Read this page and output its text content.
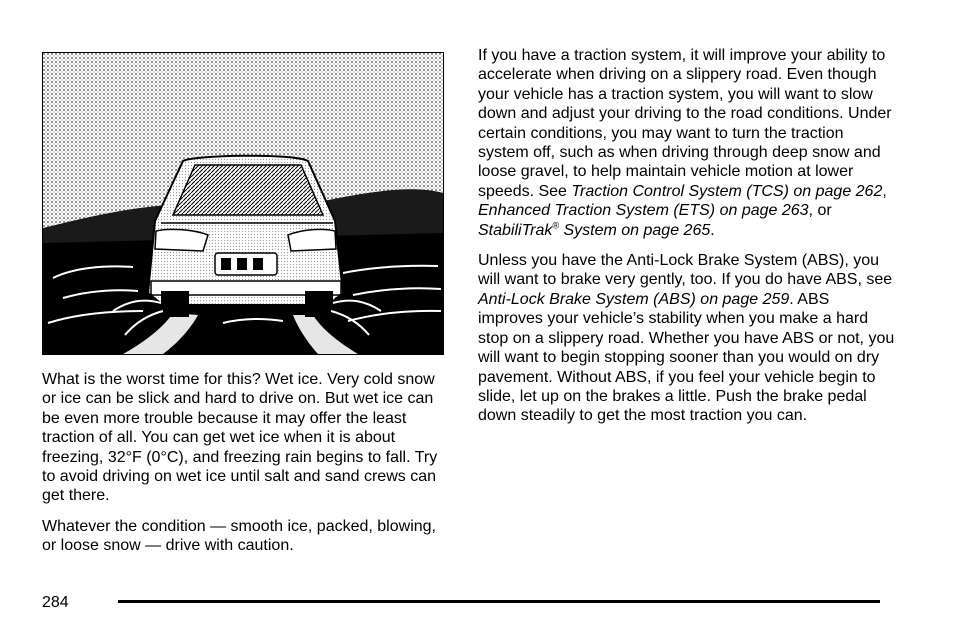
What is the worst time for this? Wet ice. Very cold snow or ice can be slick and hard to drive on. But wet ice can be even more trouble because it may offer the least traction of all. You can get wet ice when it is about freezing, 32°F (0°C), and freezing rain begins to fall. Try to avoid driving on wet ice until salt and sand crews can get there.

Whatever the condition — smooth ice, packed, blowing, or loose snow — drive with caution.

If you have a traction system, it will improve your ability to accelerate when driving on a slippery road. Even though your vehicle has a traction system, you will want to slow down and adjust your driving to the road conditions. Under certain conditions, you may want to turn the traction system off, such as when driving through deep snow and loose gravel, to help maintain vehicle motion at lower speeds. See Traction Control System (TCS) on page 262, Enhanced Traction System (ETS) on page 263, or StabiliTrak® System on page 265.

Unless you have the Anti-Lock Brake System (ABS), you will want to brake very gently, too. If you do have ABS, see Anti-Lock Brake System (ABS) on page 259. ABS improves your vehicle’s stability when you make a hard stop on a slippery road. Whether you have ABS or not, you will want to begin stopping sooner than you would on dry pavement. Without ABS, if you feel your vehicle begin to slide, let up on the brakes a little. Push the brake pedal down steadily to get the most traction you can.

284
